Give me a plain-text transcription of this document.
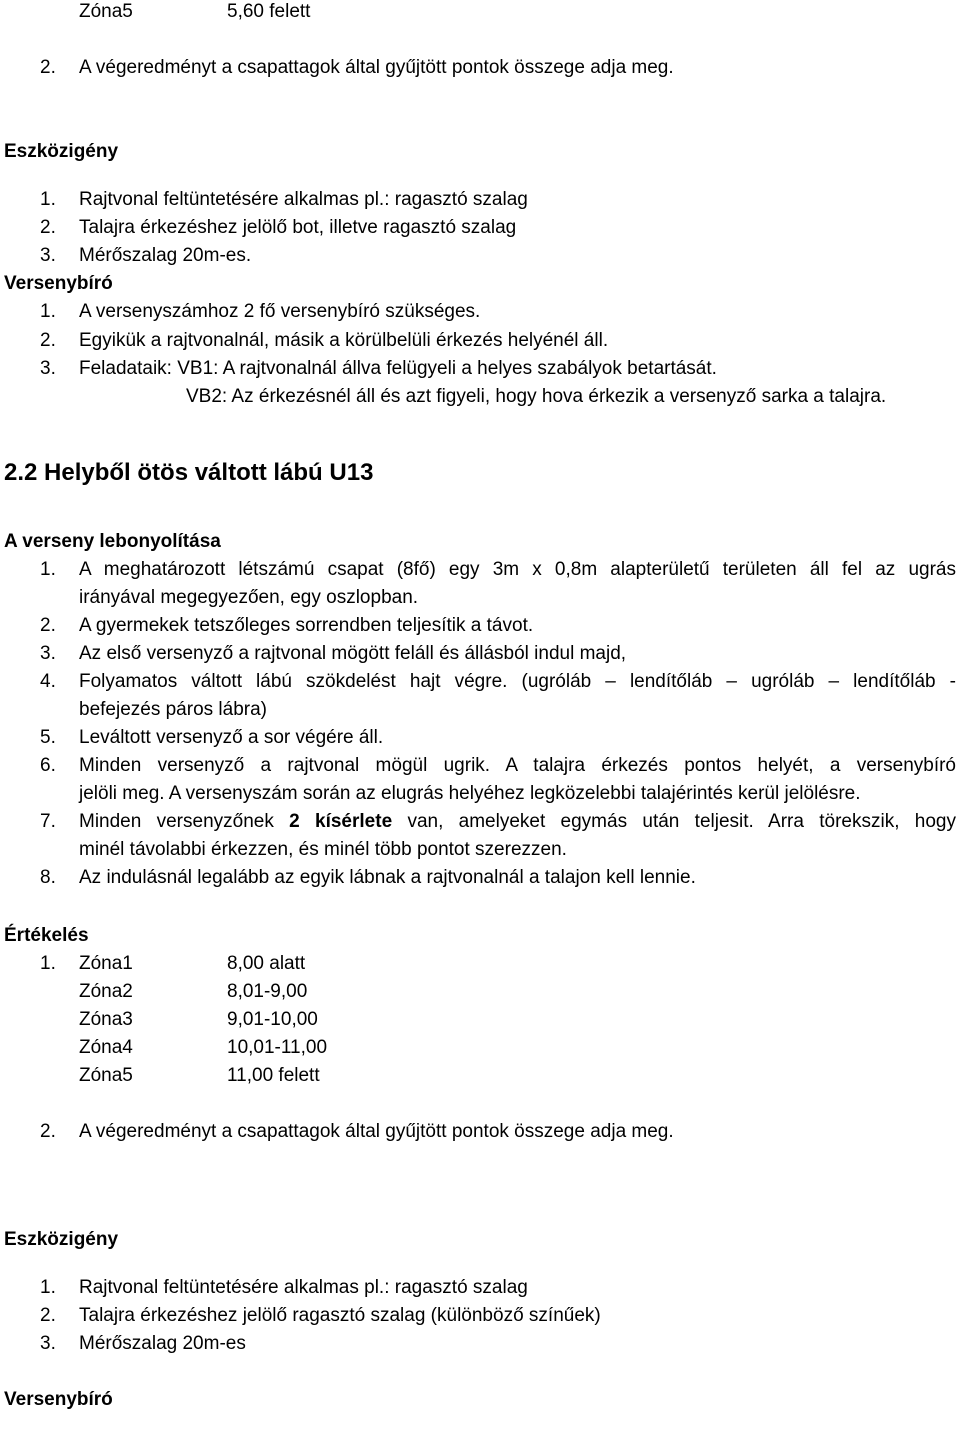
Zóna5	5,60 felett
2. A végeredményt a csapattagok által gyűjtött pontok összege adja meg.
Eszközigény
1. Rajtvonal feltüntetésére alkalmas pl.: ragasztó szalag
2. Talajra érkezéshez jelölő bot, illetve ragasztó szalag
3. Mérőszalag 20m-es.
Versenybíró
1. A versenyszámhoz 2 fő versenybíró szükséges.
2. Egyikük a rajtvonalnál, másik a körülbelüli érkezés helyénél áll.
3. Feladataik: VB1: A rajtvonalnál állva felügyeli a helyes szabályok betartását.
VB2: Az érkezésnél áll és azt figyeli, hogy hova érkezik a versenyző sarka a talajra.
2.2 Helyből ötös váltott lábú U13
A verseny lebonyolítása
1. A meghatározott létszámú csapat (8fő) egy 3m x 0,8m alapterületű területen áll fel az ugrás
irányával megegyezően, egy oszlopban.
2. A gyermekek tetszőleges sorrendben teljesítik a távot.
3. Az első versenyző a rajtvonal mögött feláll és állásból indul majd,
4. Folyamatos váltott lábú szökdelést hajt végre. (ugróláb – lendítőláb – ugróláb – lendítőláb -
befejezés páros lábra)
5. Leváltott versenyző a sor végére áll.
6. Minden versenyző a rajtvonal mögül ugrik. A talajra érkezés pontos helyét, a versenybíró
jelöli meg. A versenyszám során az elugrás helyéhez legközelebbi talajérintés kerül jelölésre.
7. Minden versenyzőnek 2 kísérlete van, amelyeket egymás után teljesit. Arra törekszik, hogy
minél távolabbi érkezzen, és minél több pontot szerezzen.
8. Az indulásnál legalább az egyik lábnak a rajtvonalnál a talajon kell lennie.
Értékelés
1. Zóna1	8,00 alatt
Zóna2	8,01-9,00
Zóna3	9,01-10,00
Zóna4	10,01-11,00
Zóna5	11,00 felett
2. A végeredményt a csapattagok által gyűjtött pontok összege adja meg.
Eszközigény
1. Rajtvonal feltüntetésére alkalmas pl.: ragasztó szalag
2. Talajra érkezéshez jelölő ragasztó szalag (különböző színűek)
3. Mérőszalag 20m-es
Versenybíró
